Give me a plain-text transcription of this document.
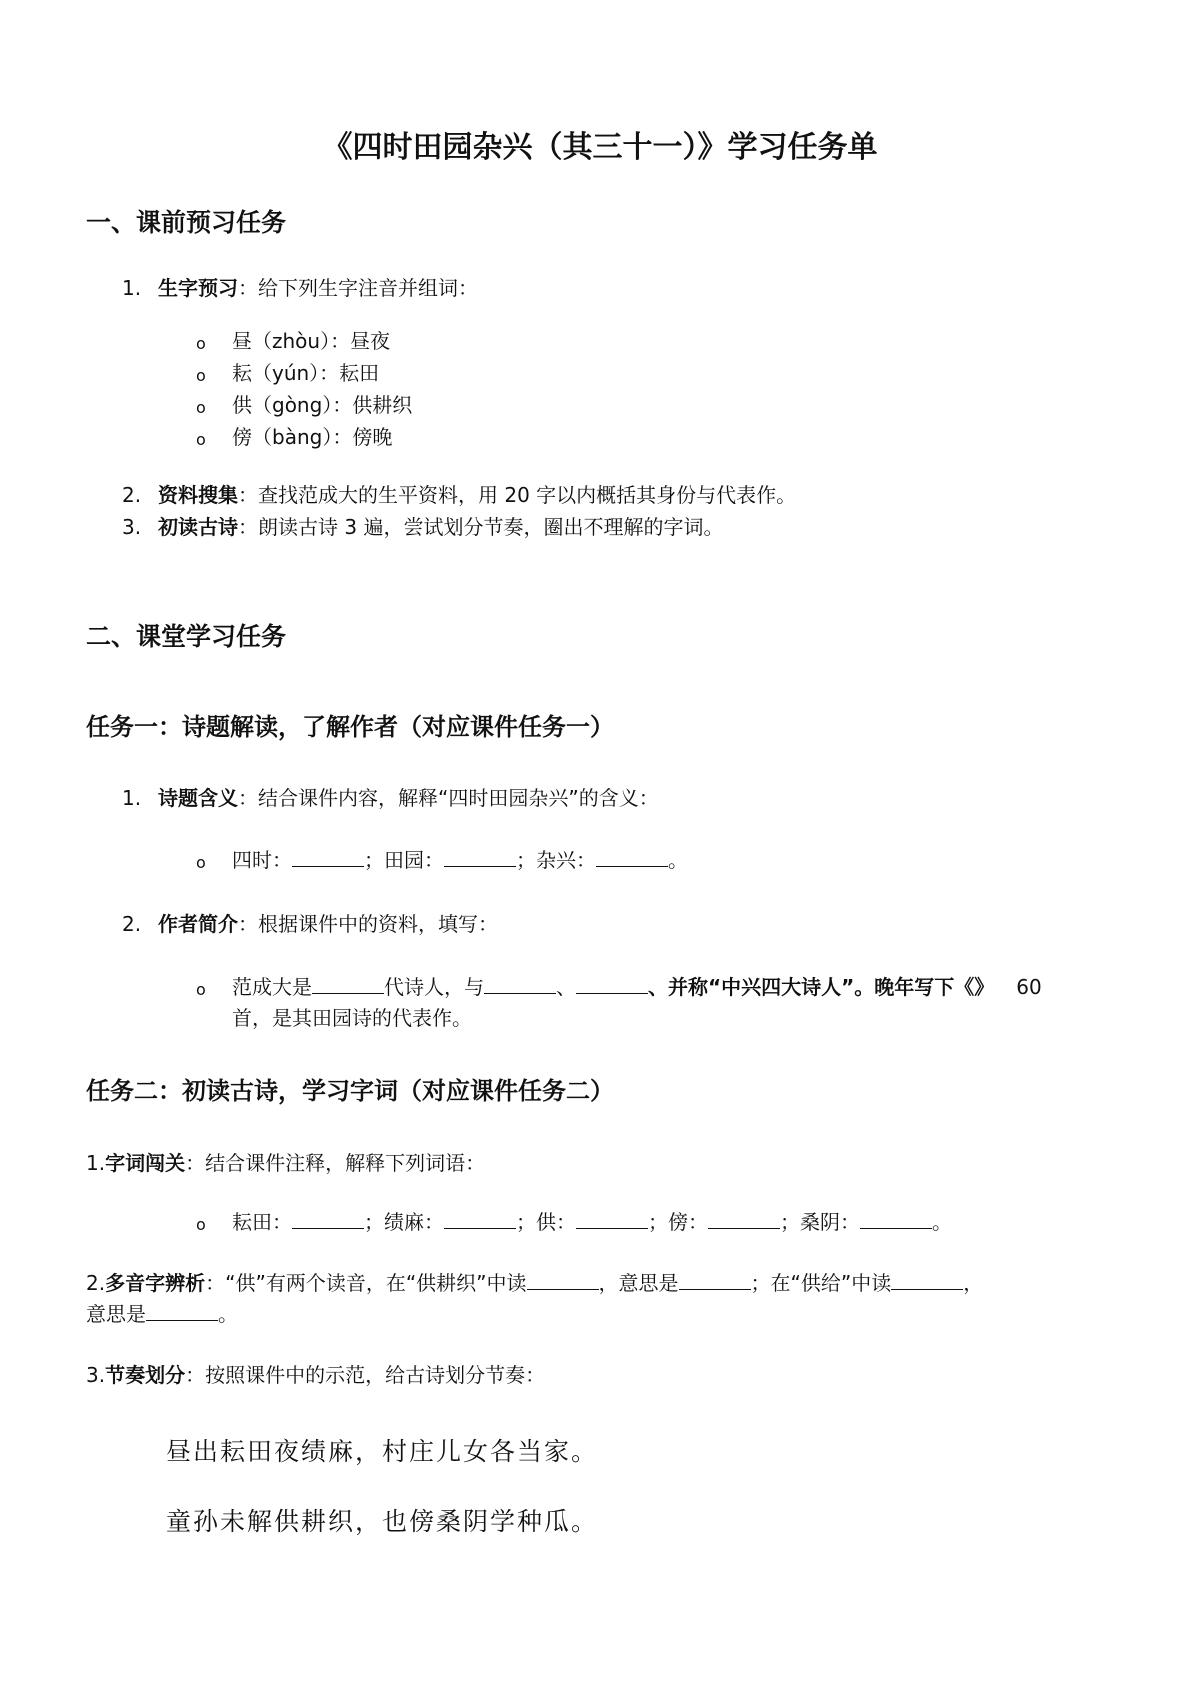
《四时田园杂兴（其三十一）》学习任务单
一、课前预习任务
1. 生字预习：给下列生字注音并组词：
o 昼（zhòu）：昼夜
o 耘（yún）：耘田
o 供（gòng）：供耕织
o 傍（bàng）：傍晚
2. 资料搜集：查找范成大的生平资料，用 20 字以内概括其身份与代表作。
3. 初读古诗：朗读古诗 3 遍，尝试划分节奏，圈出不理解的字词。
二、课堂学习任务
任务一：诗题解读，了解作者（对应课件任务一）
1. 诗题含义：结合课件内容，解释“四时田园杂兴”的含义：
o 四时：	；田园：	；杂兴：	。
2. 作者简介：根据课件中的资料，填写：
o 范成大是	代诗人，与	、	、并称“中兴四大诗人”。晚年写下《》 60
首，是其田园诗的代表作。
任务二：初读古诗，学习字词（对应课件任务二）
1.字词闯关：结合课件注释，解释下列词语：
o 耘田：	；绩麻：	；供：	；傍：	；桑阴：	。
2.多音字辨析：“供”有两个读音，在“供耕织”中读	，意思是	；在“供给”中读	，
意思是	。
3.节奏划分：按照课件中的示范，给古诗划分节奏：
昼出耘田夜绩麻，村庄儿女各当家。
童孙未解供耕织，也傍桑阴学种瓜。
